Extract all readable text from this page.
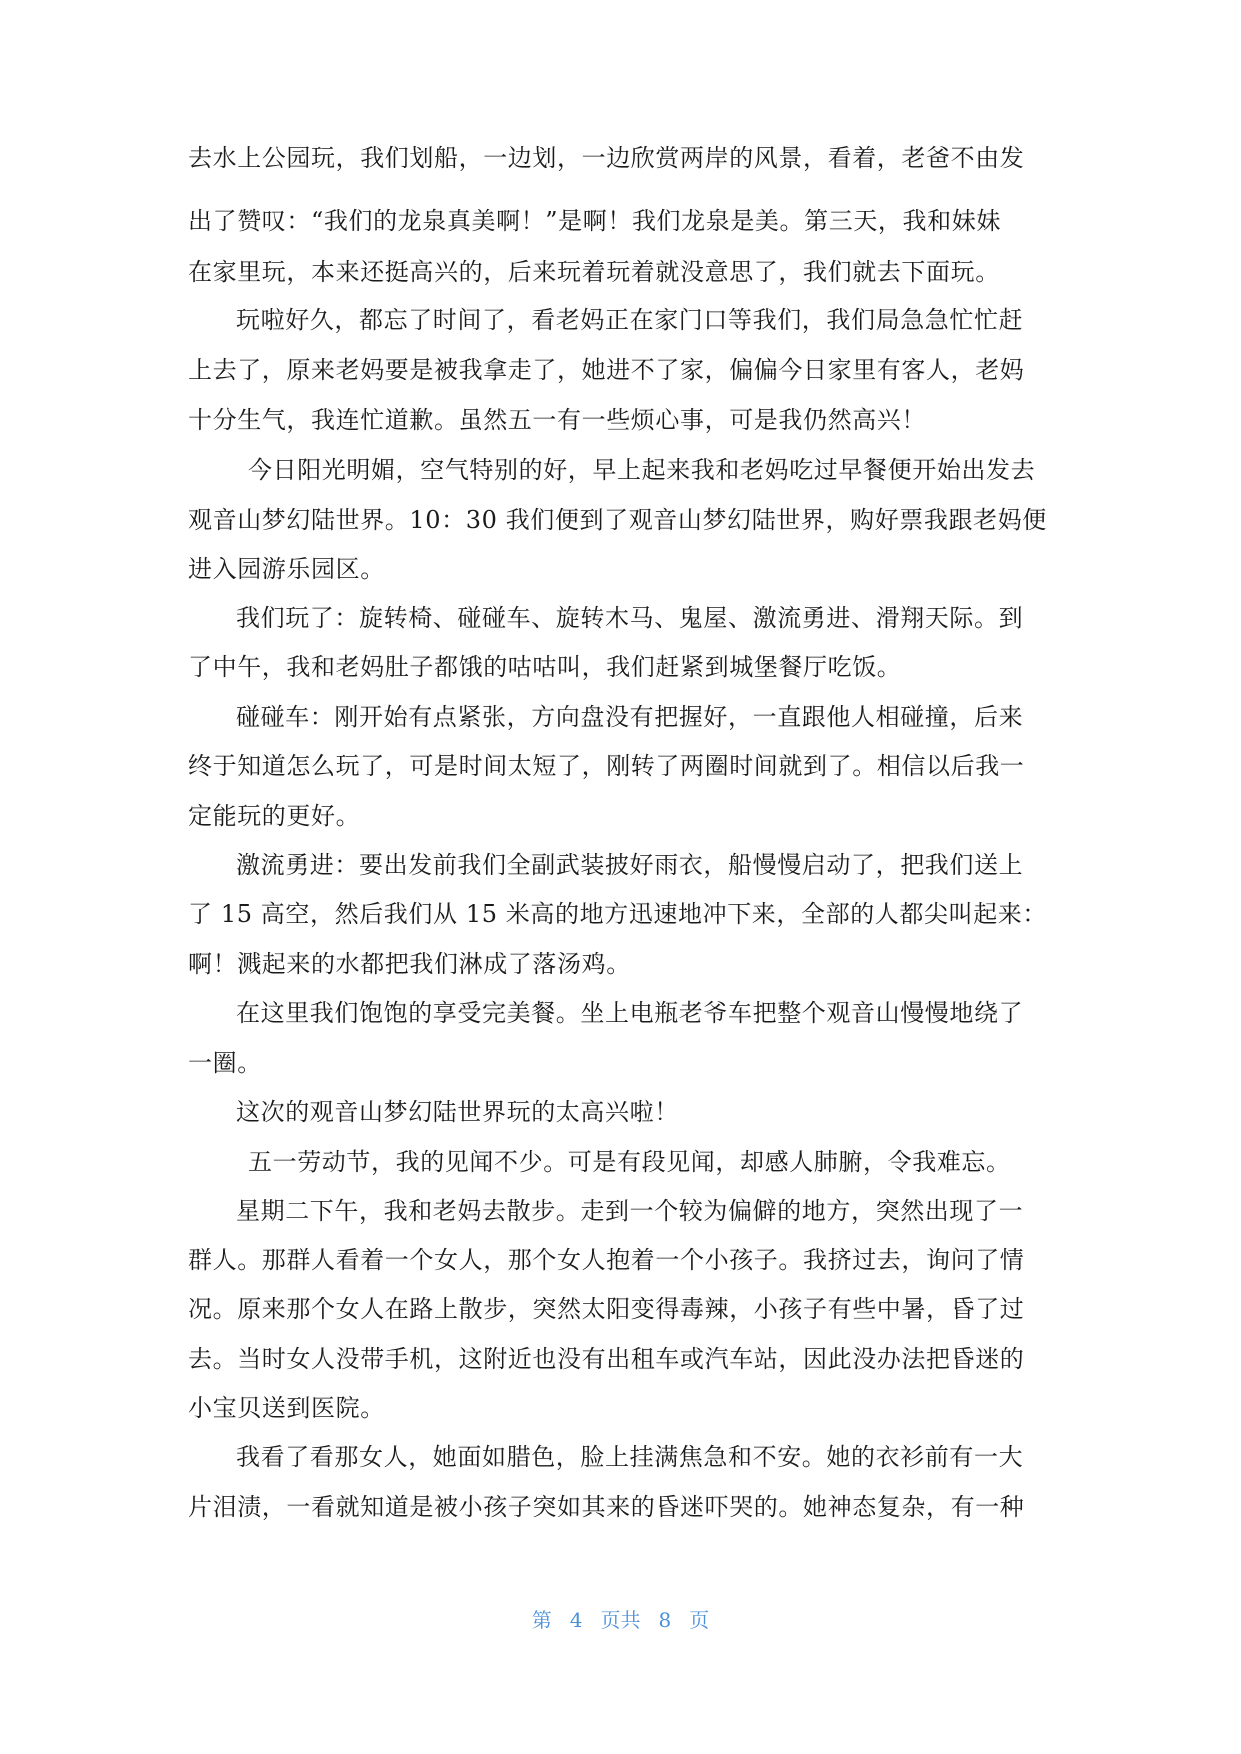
去水上公园玩，我们划船，一边划，一边欣赏两岸的风景，看着，老爸不由发
出了赞叹：“我们的龙泉真美啊！”是啊！我们龙泉是美。第三天，我和妹妹
在家里玩，本来还挺高兴的，后来玩着玩着就没意思了，我们就去下面玩。
玩啦好久，都忘了时间了，看老妈正在家门口等我们，我们局急急忙忙赶
上去了，原来老妈要是被我拿走了，她进不了家，偏偏今日家里有客人，老妈
十分生气，我连忙道歉。虽然五一有一些烦心事，可是我仍然高兴！
今日阳光明媚，空气特别的好，早上起来我和老妈吃过早餐便开始出发去
观音山梦幻陆世界。10：30 我们便到了观音山梦幻陆世界，购好票我跟老妈便
进入园游乐园区。
我们玩了：旋转椅、碰碰车、旋转木马、鬼屋、激流勇进、滑翔天际。到
了中午，我和老妈肚子都饿的咕咕叫，我们赶紧到城堡餐厅吃饭。
碰碰车：刚开始有点紧张，方向盘没有把握好，一直跟他人相碰撞，后来
终于知道怎么玩了，可是时间太短了，刚转了两圈时间就到了。相信以后我一
定能玩的更好。
激流勇进：要出发前我们全副武装披好雨衣，船慢慢启动了，把我们送上
了 15 高空，然后我们从 15 米高的地方迅速地冲下来，全部的人都尖叫起来：
啊！溅起来的水都把我们淋成了落汤鸡。
在这里我们饱饱的享受完美餐。坐上电瓶老爷车把整个观音山慢慢地绕了
一圈。
这次的观音山梦幻陆世界玩的太高兴啦！
五一劳动节，我的见闻不少。可是有段见闻，却感人肺腑，令我难忘。
星期二下午，我和老妈去散步。走到一个较为偏僻的地方，突然出现了一
群人。那群人看着一个女人，那个女人抱着一个小孩子。我挤过去，询问了情
况。原来那个女人在路上散步，突然太阳变得毒辣，小孩子有些中暑，昏了过
去。当时女人没带手机，这附近也没有出租车或汽车站，因此没办法把昏迷的
小宝贝送到医院。
我看了看那女人，她面如腊色，脸上挂满焦急和不安。她的衣衫前有一大
片泪渍，一看就知道是被小孩子突如其来的昏迷吓哭的。她神态复杂，有一种
第 4 页共 8 页
